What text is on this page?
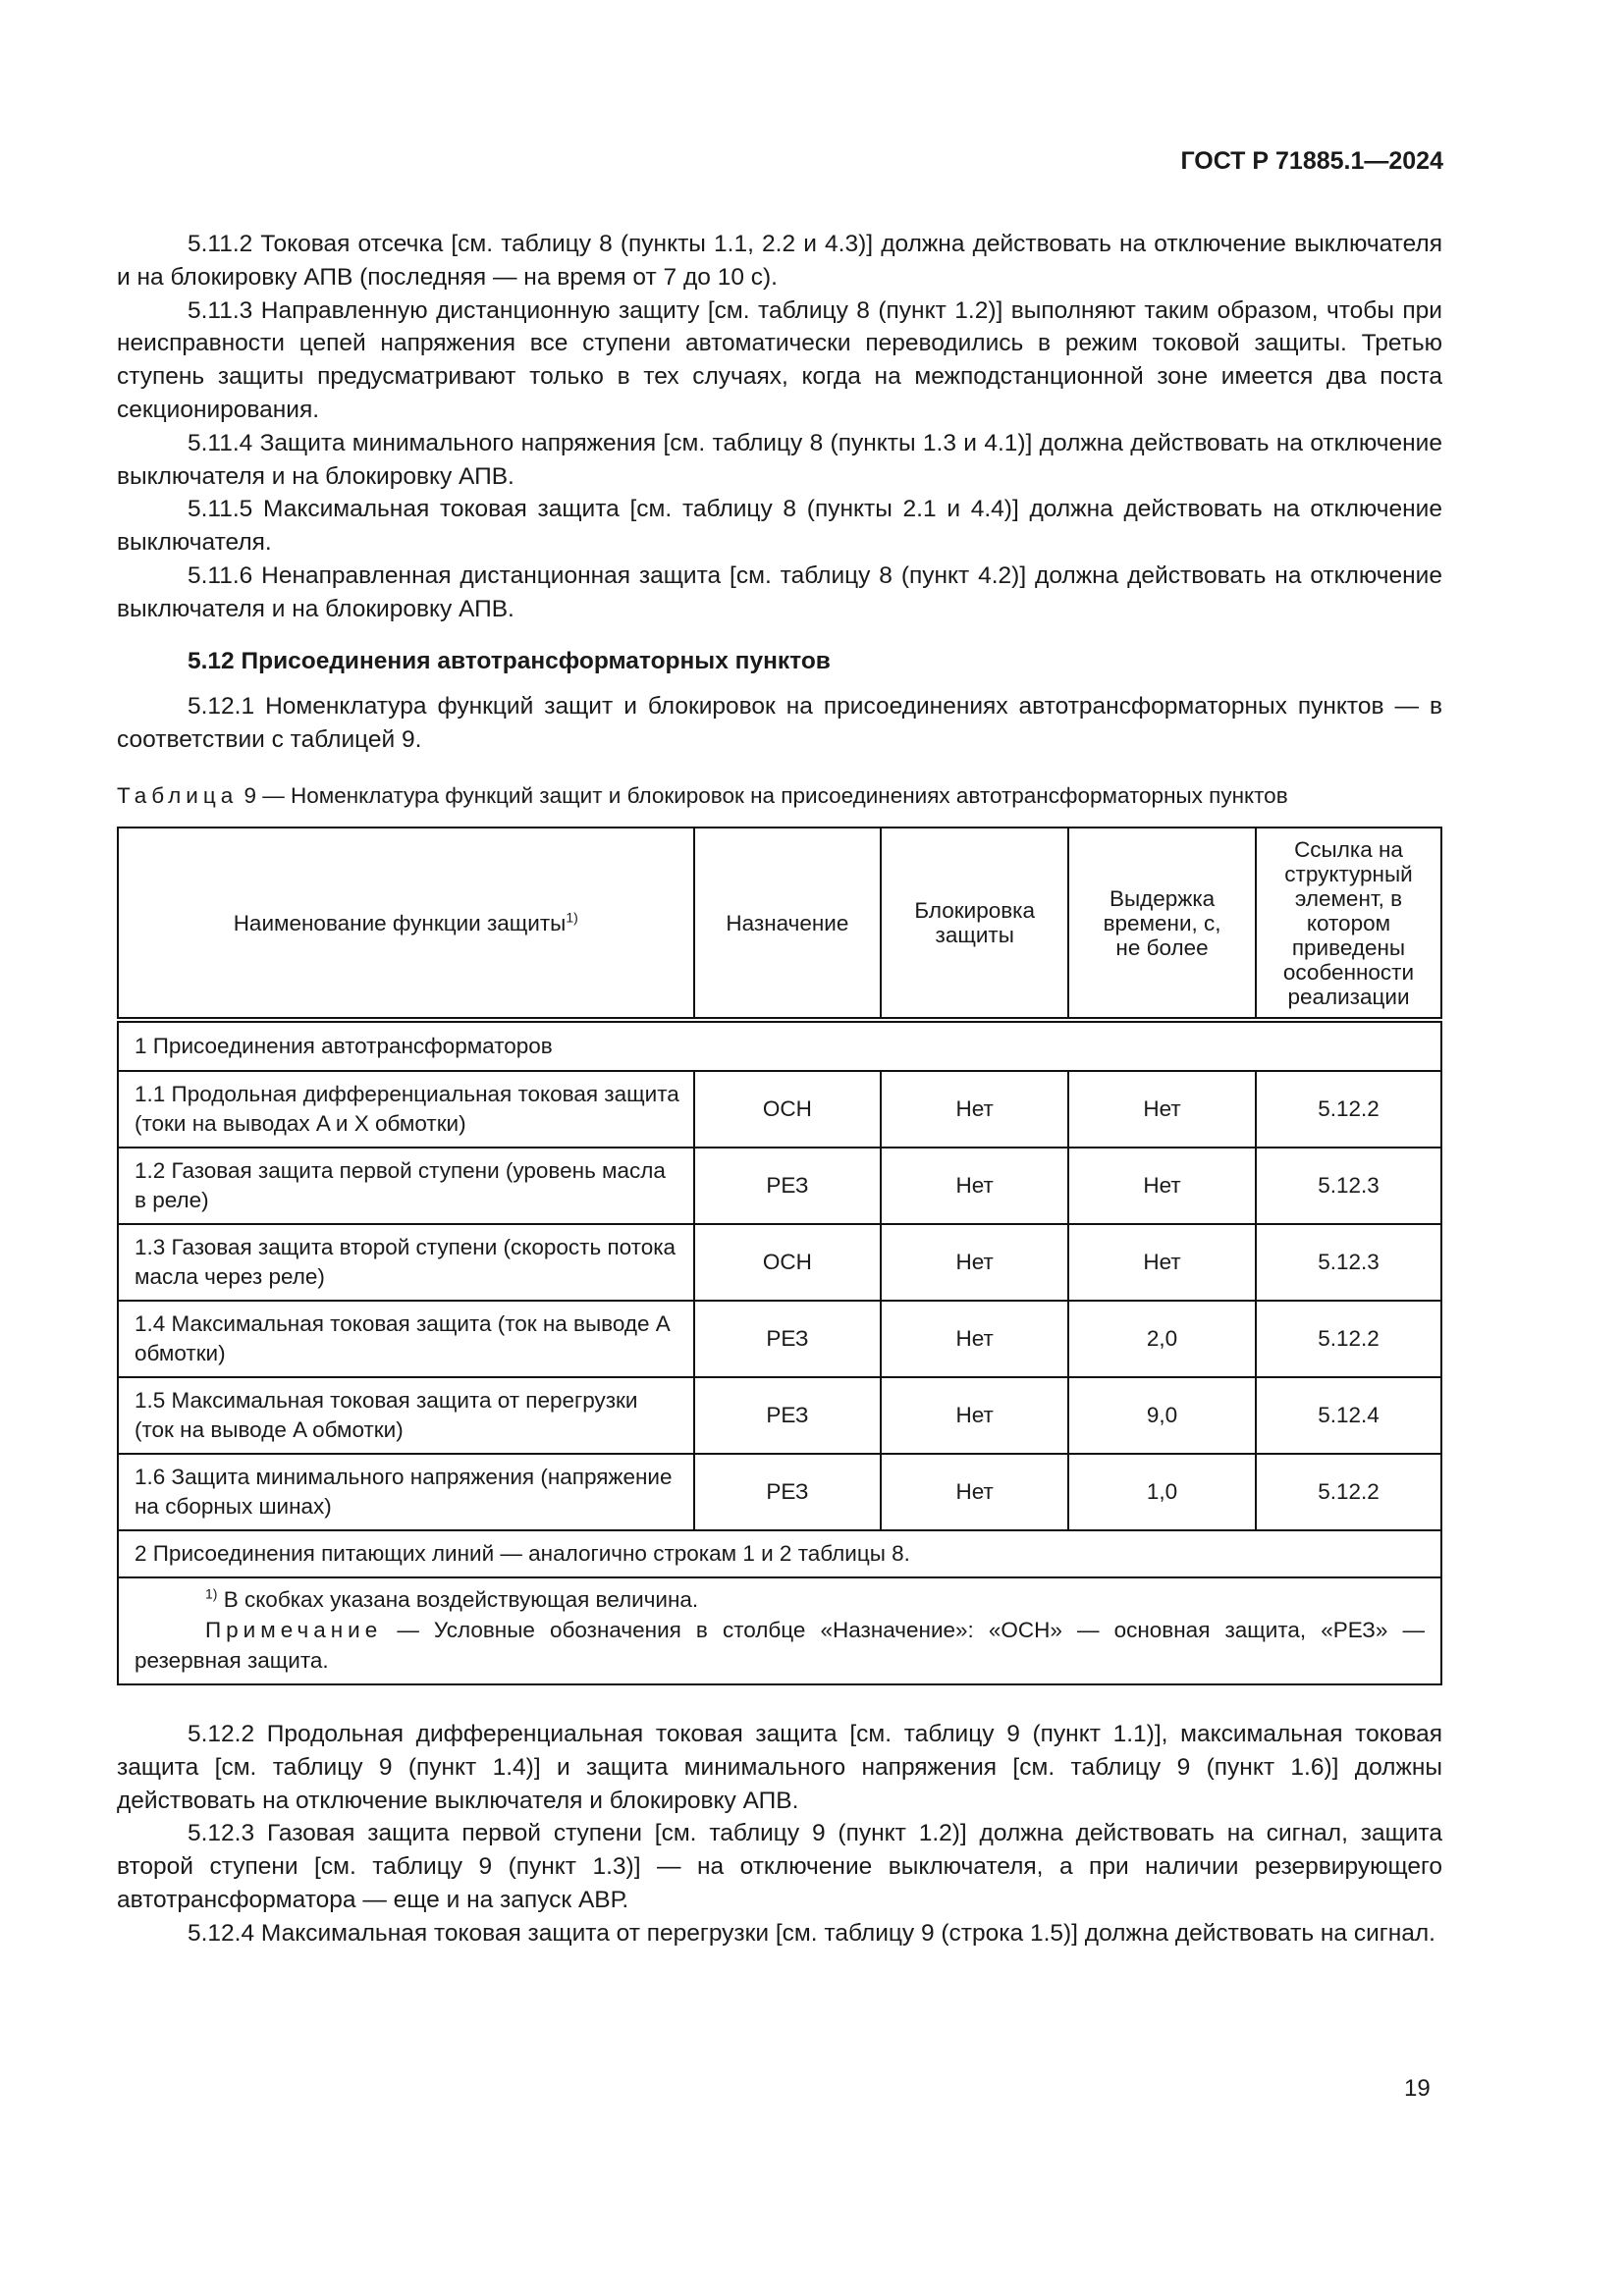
ГОСТ Р 71885.1—2024

5.11.2 Токовая отсечка [см. таблицу 8 (пункты 1.1, 2.2 и 4.3)] должна действовать на отключение выключателя и на блокировку АПВ (последняя — на время от 7 до 10 с).

5.11.3 Направленную дистанционную защиту [см. таблицу 8 (пункт 1.2)] выполняют таким образом, чтобы при неисправности цепей напряжения все ступени автоматически переводились в режим токовой защиты. Третью ступень защиты предусматривают только в тех случаях, когда на межподстанционной зоне имеется два поста секционирования.

5.11.4 Защита минимального напряжения [см. таблицу 8 (пункты 1.3 и 4.1)] должна действовать на отключение выключателя и на блокировку АПВ.

5.11.5 Максимальная токовая защита [см. таблицу 8 (пункты 2.1 и 4.4)] должна действовать на отключение выключателя.

5.11.6 Ненаправленная дистанционная защита [см. таблицу 8 (пункт 4.2)] должна действовать на отключение выключателя и на блокировку АПВ.

5.12 Присоединения автотрансформаторных пунктов

5.12.1 Номенклатура функций защит и блокировок на присоединениях автотрансформаторных пунктов — в соответствии с таблицей 9.

Таблица 9 — Номенклатура функций защит и блокировок на присоединениях автотрансформаторных пунктов
Наименование функции защиты$^{1)}$	Назначение	Блокировка защиты	Выдержка времени, с, не более	Ссылка на структурный элемент, в котором приведены особенности реализации
1 Присоединения автотрансформаторов				
1.1 Продольная дифференциальная токовая защита (токи на выводах A и X обмотки)	ОСН	Нет	Нет	5.12.2
1.2 Газовая защита первой ступени (уровень масла в реле)	РЕЗ	Нет	Нет	5.12.3
1.3 Газовая защита второй ступени (скорость потока масла через реле)	ОСН	Нет	Нет	5.12.3
1.4 Максимальная токовая защита (ток на выводе A обмотки)	РЕЗ	Нет	2,0	5.12.2
1.5 Максимальная токовая защита от перегрузки (ток на выводе A обмотки)	РЕЗ	Нет	9,0	5.12.4
1.6 Защита минимального напряжения (напряжение на сборных шинах)	РЕЗ	Нет	1,0	5.12.2
2 Присоединения питающих линий — аналогично строкам 1 и 2 таблицы 8.				

$^{1)}$ В скобках указана воздействующая величина.

Примечание — Условные обозначения в столбце «Назначение»: «ОСН» — основная защита, «РЕЗ» — резервная защита.				

5.12.2 Продольная дифференциальная токовая защита [см. таблицу 9 (пункт 1.1)], максимальная токовая защита [см. таблицу 9 (пункт 1.4)] и защита минимального напряжения [см. таблицу 9 (пункт 1.6)] должны действовать на отключение выключателя и блокировку АПВ.

5.12.3 Газовая защита первой ступени [см. таблицу 9 (пункт 1.2)] должна действовать на сигнал, защита второй ступени [см. таблицу 9 (пункт 1.3)] — на отключение выключателя, а при наличии резервирующего автотрансформатора — еще и на запуск АВР.

5.12.4 Максимальная токовая защита от перегрузки [см. таблицу 9 (строка 1.5)] должна действовать на сигнал.

19
